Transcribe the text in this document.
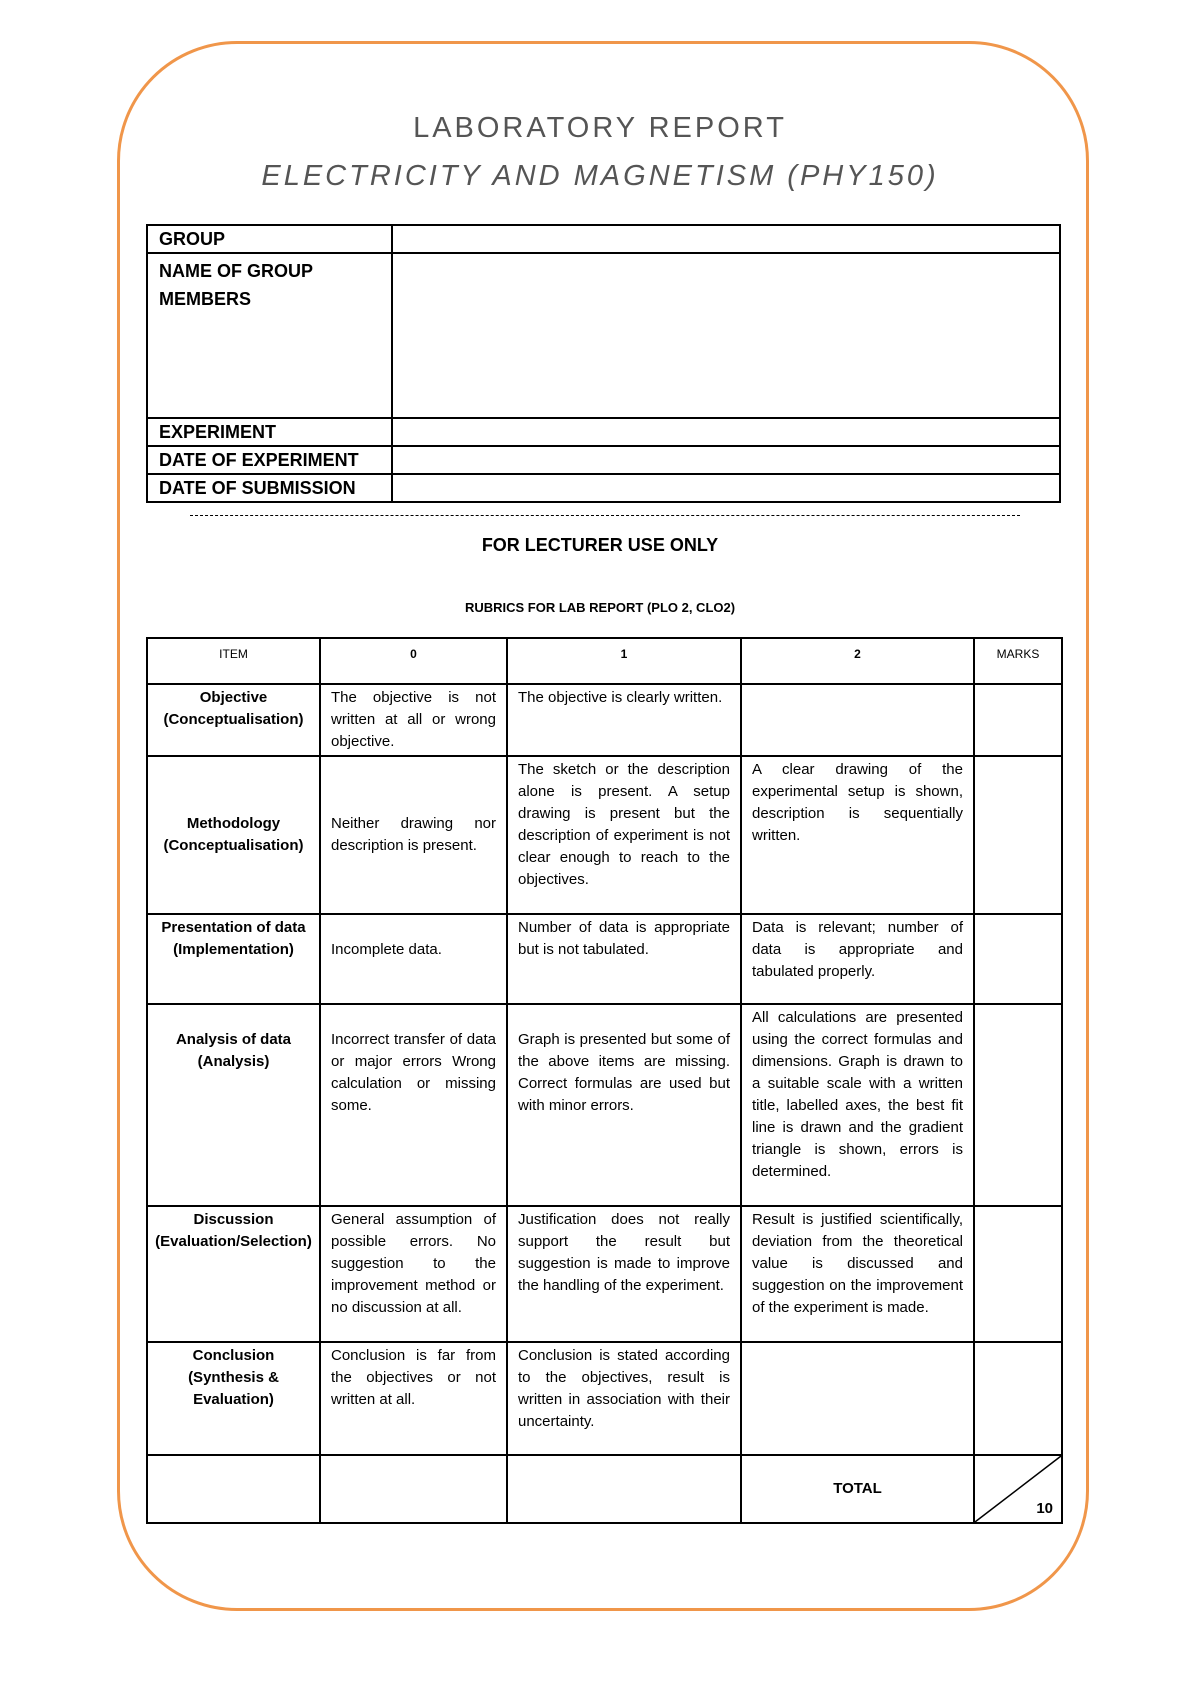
LABORATORY REPORT
ELECTRICITY AND MAGNETISM (PHY150)
GROUP	
NAME OF GROUP MEMBERS	
EXPERIMENT	
DATE OF EXPERIMENT	
DATE OF SUBMISSION	
FOR LECTURER USE ONLY
RUBRICS FOR LAB REPORT (PLO 2, CLO2)
ITEM	0	1	2	MARKS

Objective
(Conceptualisation)	The objective is not written at all or wrong objective.	The objective is clearly written.		

Methodology
(Conceptualisation)	Neither drawing nor description is present.	The sketch or the description alone is present. A setup drawing is present but the description of experiment is not clear enough to reach to the objectives.	A clear drawing of the experimental setup is shown, description is sequentially written.	

Presentation of data
(Implementation)	Incomplete data.	Number of data is appropriate but is not tabulated.	Data is relevant; number of data is appropriate and tabulated properly.	

Analysis of data
(Analysis)	Incorrect transfer of data or major errors Wrong calculation or missing some.	Graph is presented but some of the above items are missing. Correct formulas are used but with minor errors.	All calculations are presented using the correct formulas and dimensions. Graph is drawn to a suitable scale with a written title, labelled axes, the best fit line is drawn and the gradient triangle is shown, errors is determined.	

Discussion
(Evaluation/Selection)	General assumption of possible errors. No suggestion to the improvement method or no discussion at all.	Justification does not really support the result but suggestion is made to improve the handling of the experiment.	Result is justified scientifically, deviation from the theoretical value is discussed and suggestion on the improvement of the experiment is made.	

Conclusion
(Synthesis & Evaluation)	Conclusion is far from the objectives or not written at all.	Conclusion is stated according to the objectives, result is written in association with their uncertainty.		
			TOTAL	10
